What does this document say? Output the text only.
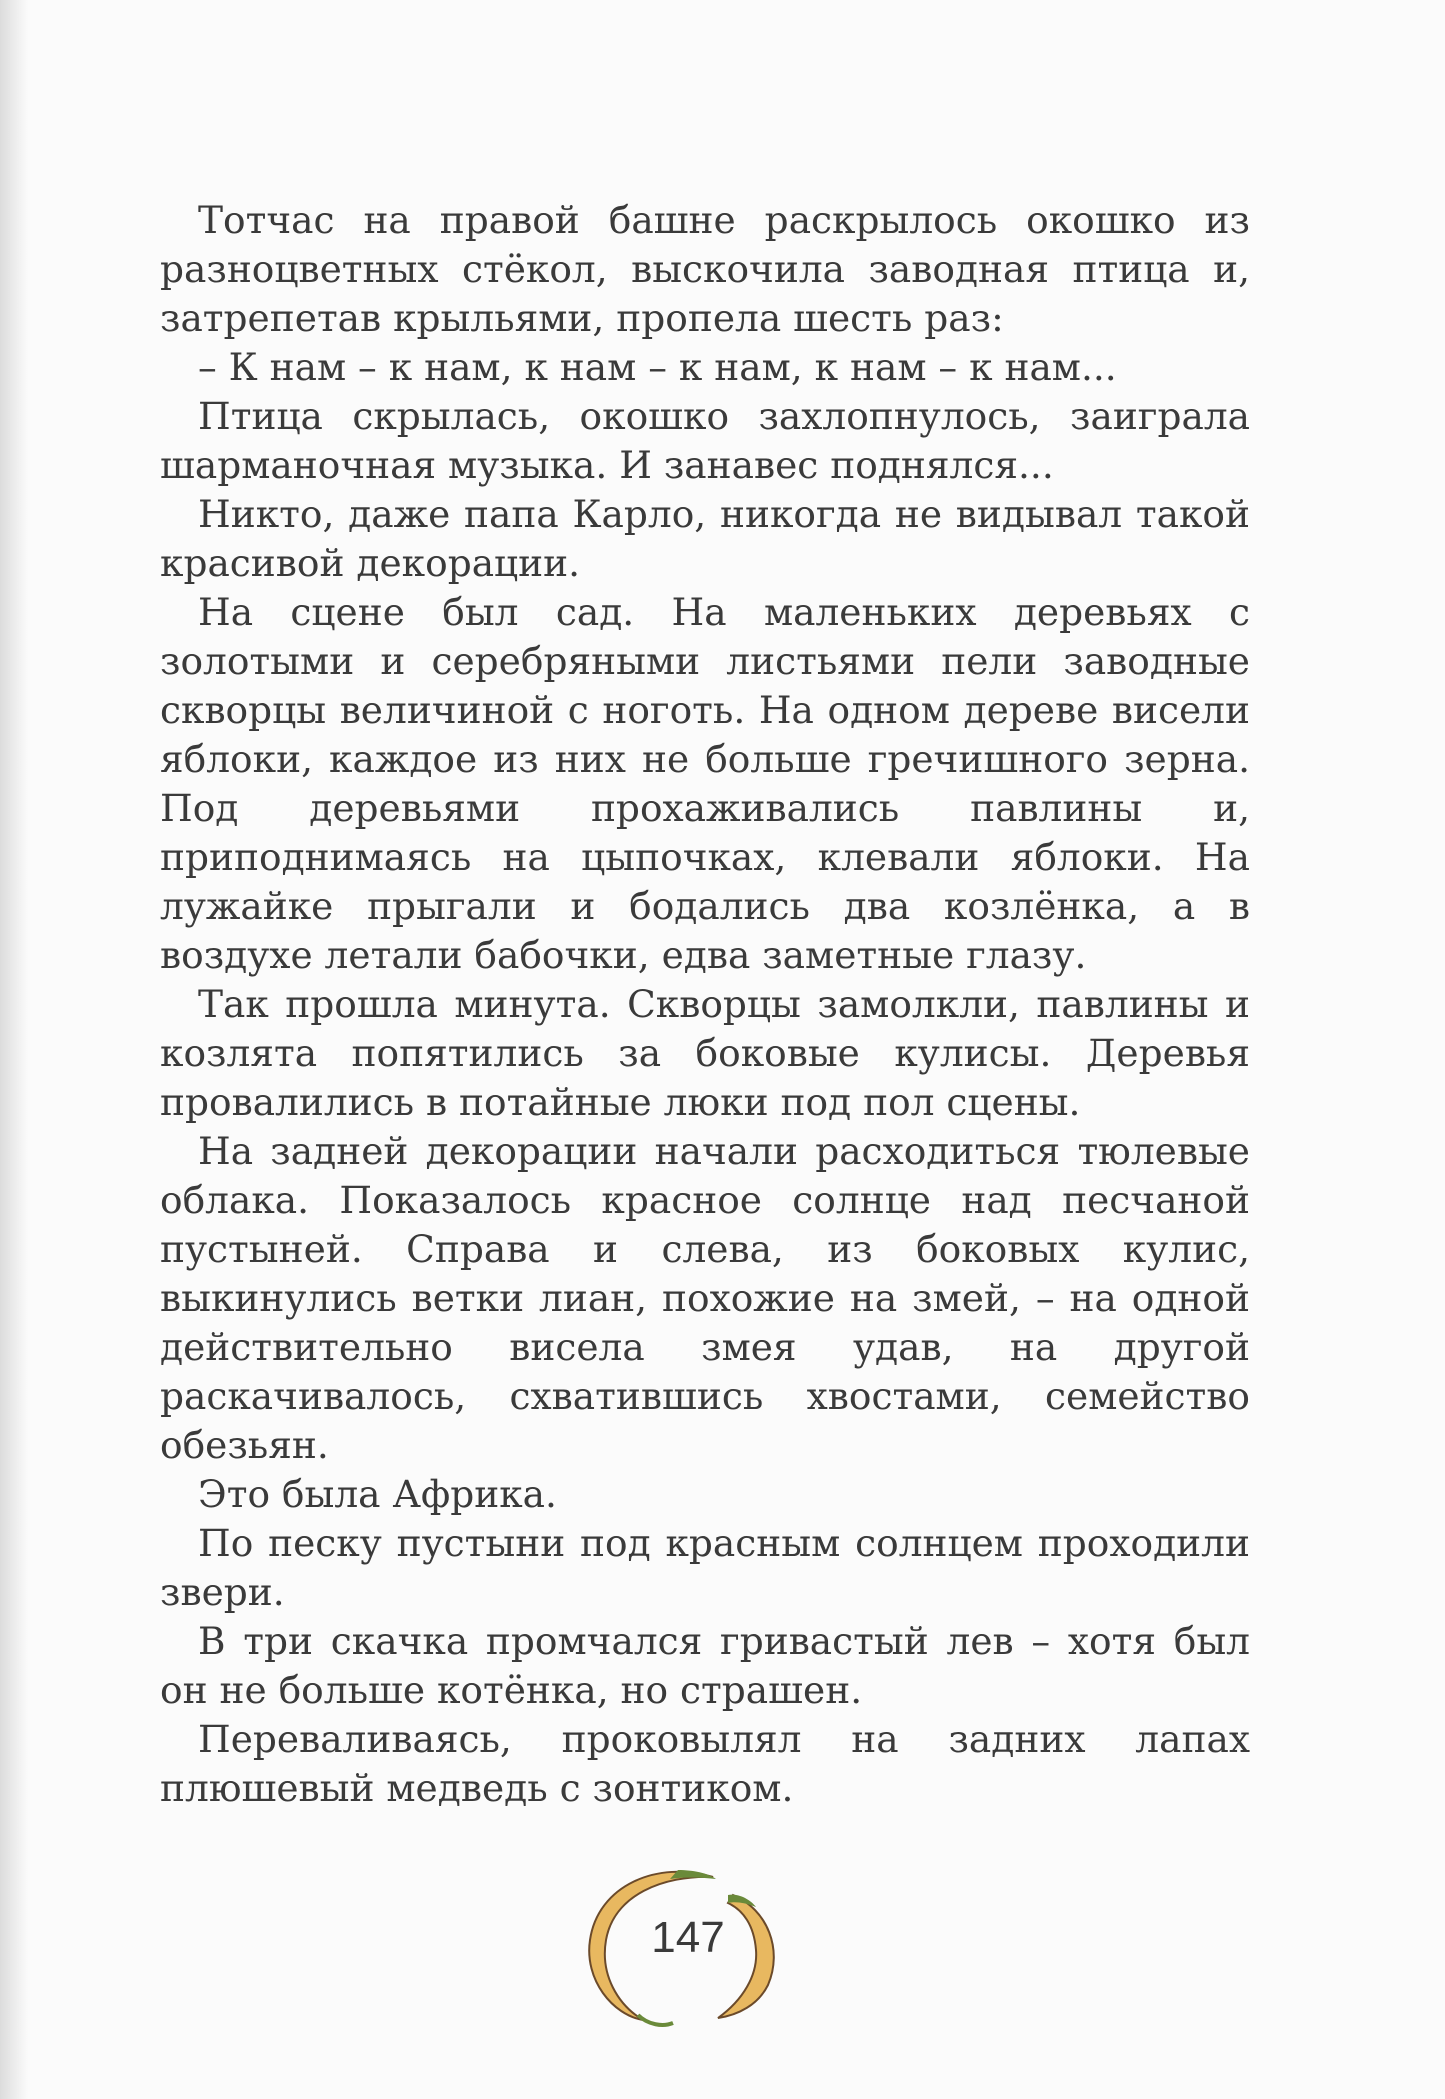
Тотчас на правой башне раскрылось окошко из разноцветных стёкол, выскочила заводная птица и, затрепетав крыльями, пропела шесть раз:

– К нам – к нам, к нам – к нам, к нам – к нам...

Птица скрылась, окошко захлопнулось, заиграла шарманочная музыка. И занавес поднялся...

Никто, даже папа Карло, никогда не видывал такой красивой декорации.

На сцене был сад. На маленьких деревьях с золотыми и серебряными листьями пели заводные скворцы величиной с ноготь. На одном дереве висели яблоки, каждое из них не больше гречишного зерна. Под деревьями прохаживались павлины и, приподнимаясь на цыпочках, клевали яблоки. На лужайке прыгали и бодались два козлёнка, а в воздухе летали бабочки, едва заметные глазу.

Так прошла минута. Скворцы замолкли, павлины и козлята попятились за боковые кулисы. Деревья провалились в потайные люки под пол сцены.

На задней декорации начали расходиться тюлевые облака. Показалось красное солнце над песчаной пустыней. Справа и слева, из боковых кулис, выкинулись ветки лиан, похожие на змей, – на одной действительно висела змея удав, на другой раскачивалось, схватившись хвостами, семейство обезьян.

Это была Африка.

По песку пустыни под красным солнцем проходили звери.

В три скачка промчался гривастый лев – хотя был он не больше котёнка, но страшен.

Переваливаясь, проковылял на задних лапах плюшевый медведь с зонтиком.

147
